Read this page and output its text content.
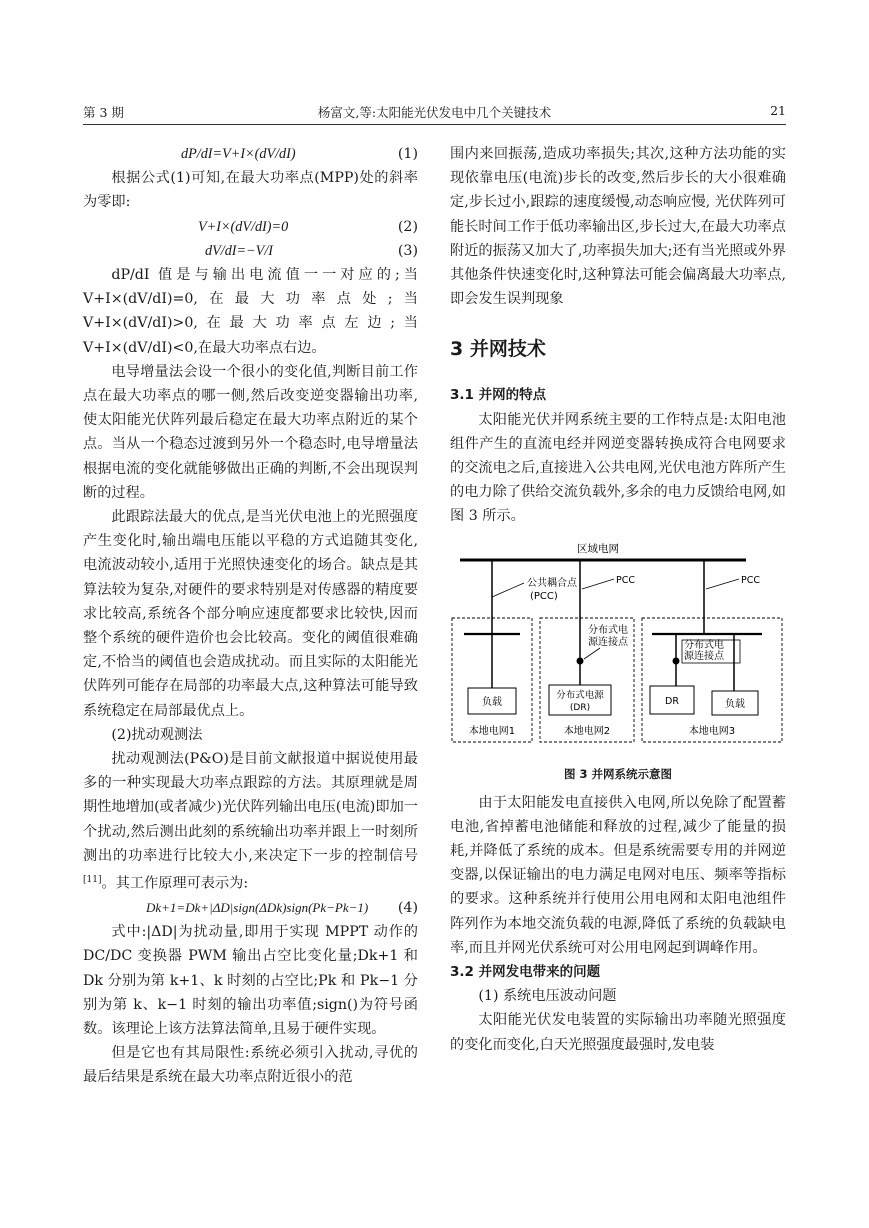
第 3 期	杨富文,等:太阳能光伏发电中几个关键技术	21
dP/dI=V+I×(dV/dI)	(1)

根据公式(1)可知,在最大功率点(MPP)处的斜率为零即:

V+I×(dV/dI)=0	(2)
dV/dI=−V/I	(3)

dP/dI 值是与输出电流值一一对应的;当 V+I×(dV/dI)=0,在最大功率点处;当 V+I×(dV/dI)>0,在最大功率点左边;当 V+I×(dV/dI)<0,在最大功率点右边。

电导增量法会设一个很小的变化值,判断目前工作点在最大功率点的哪一侧,然后改变逆变器输出功率,使太阳能光伏阵列最后稳定在最大功率点附近的某个点。当从一个稳态过渡到另外一个稳态时,电导增量法根据电流的变化就能够做出正确的判断,不会出现误判断的过程。

此跟踪法最大的优点,是当光伏电池上的光照强度产生变化时,输出端电压能以平稳的方式追随其变化,电流波动较小,适用于光照快速变化的场合。缺点是其算法较为复杂,对硬件的要求特别是对传感器的精度要求比较高,系统各个部分响应速度都要求比较快,因而整个系统的硬件造价也会比较高。变化的阈值很难确定,不恰当的阈值也会造成扰动。而且实际的太阳能光伏阵列可能存在局部的功率最大点,这种算法可能导致系统稳定在局部最优点上。

(2)扰动观测法

扰动观测法(P&O)是目前文献报道中据说使用最多的一种实现最大功率点跟踪的方法。其原理就是周期性地增加(或者减少)光伏阵列输出电压(电流)即加一个扰动,然后测出此刻的系统输出功率并跟上一时刻所测出的功率进行比较大小,来决定下一步的控制信号[11]。其工作原理可表示为:

Dk+1=Dk+|ΔD|sign(ΔDk)sign(Pk−Pk−1) (4)

式中:|ΔD|为扰动量,即用于实现 MPPT 动作的 DC/DC 变换器 PWM 输出占空比变化量;Dk+1 和 Dk 分别为第 k+1、k 时刻的占空比;Pk 和 Pk−1 分别为第 k、k−1 时刻的输出功率值;sign()为符号函数。该理论上该方法算法简单,且易于硬件实现。

但是它也有其局限性:系统必须引入扰动,寻优的最后结果是系统在最大功率点附近很小的范

围内来回振荡,造成功率损失;其次,这种方法功能的实现依靠电压(电流)步长的改变,然后步长的大小很难确定,步长过小,跟踪的速度缓慢,动态响应慢, 光伏阵列可能长时间工作于低功率输出区,步长过大,在最大功率点附近的振荡又加大了,功率损失加大;还有当光照或外界其他条件快速变化时,这种算法可能会偏离最大功率点,即会发生误判现象

3 并网技术
3.1 并网的特点

太阳能光伏并网系统主要的工作特点是:太阳电池组件产生的直流电经并网逆变器转换成符合电网要求的交流电之后,直接进入公共电网,光伏电池方阵所产生的电力除了供给交流负载外,多余的电力反馈给电网,如图 3 所示。

区域电网
公共耦合点
(PCC)
PCC	PCC
负载
本地电网1
分布式电
源连接点
分布式电源
(DR)
本地电网2
分布式电
源连接点
DR	负载
本地电网3
图 3 并网系统示意图

由于太阳能发电直接供入电网,所以免除了配置蓄电池,省掉蓄电池储能和释放的过程,减少了能量的损耗,并降低了系统的成本。但是系统需要专用的并网逆变器,以保证输出的电力满足电网对电压、频率等指标的要求。这种系统并行使用公用电网和太阳电池组件阵列作为本地交流负载的电源,降低了系统的负载缺电率,而且并网光伏系统可对公用电网起到调峰作用。

3.2 并网发电带来的问题

(1) 系统电压波动问题

太阳能光伏发电装置的实际输出功率随光照强度的变化而变化,白天光照强度最强时,发电装
